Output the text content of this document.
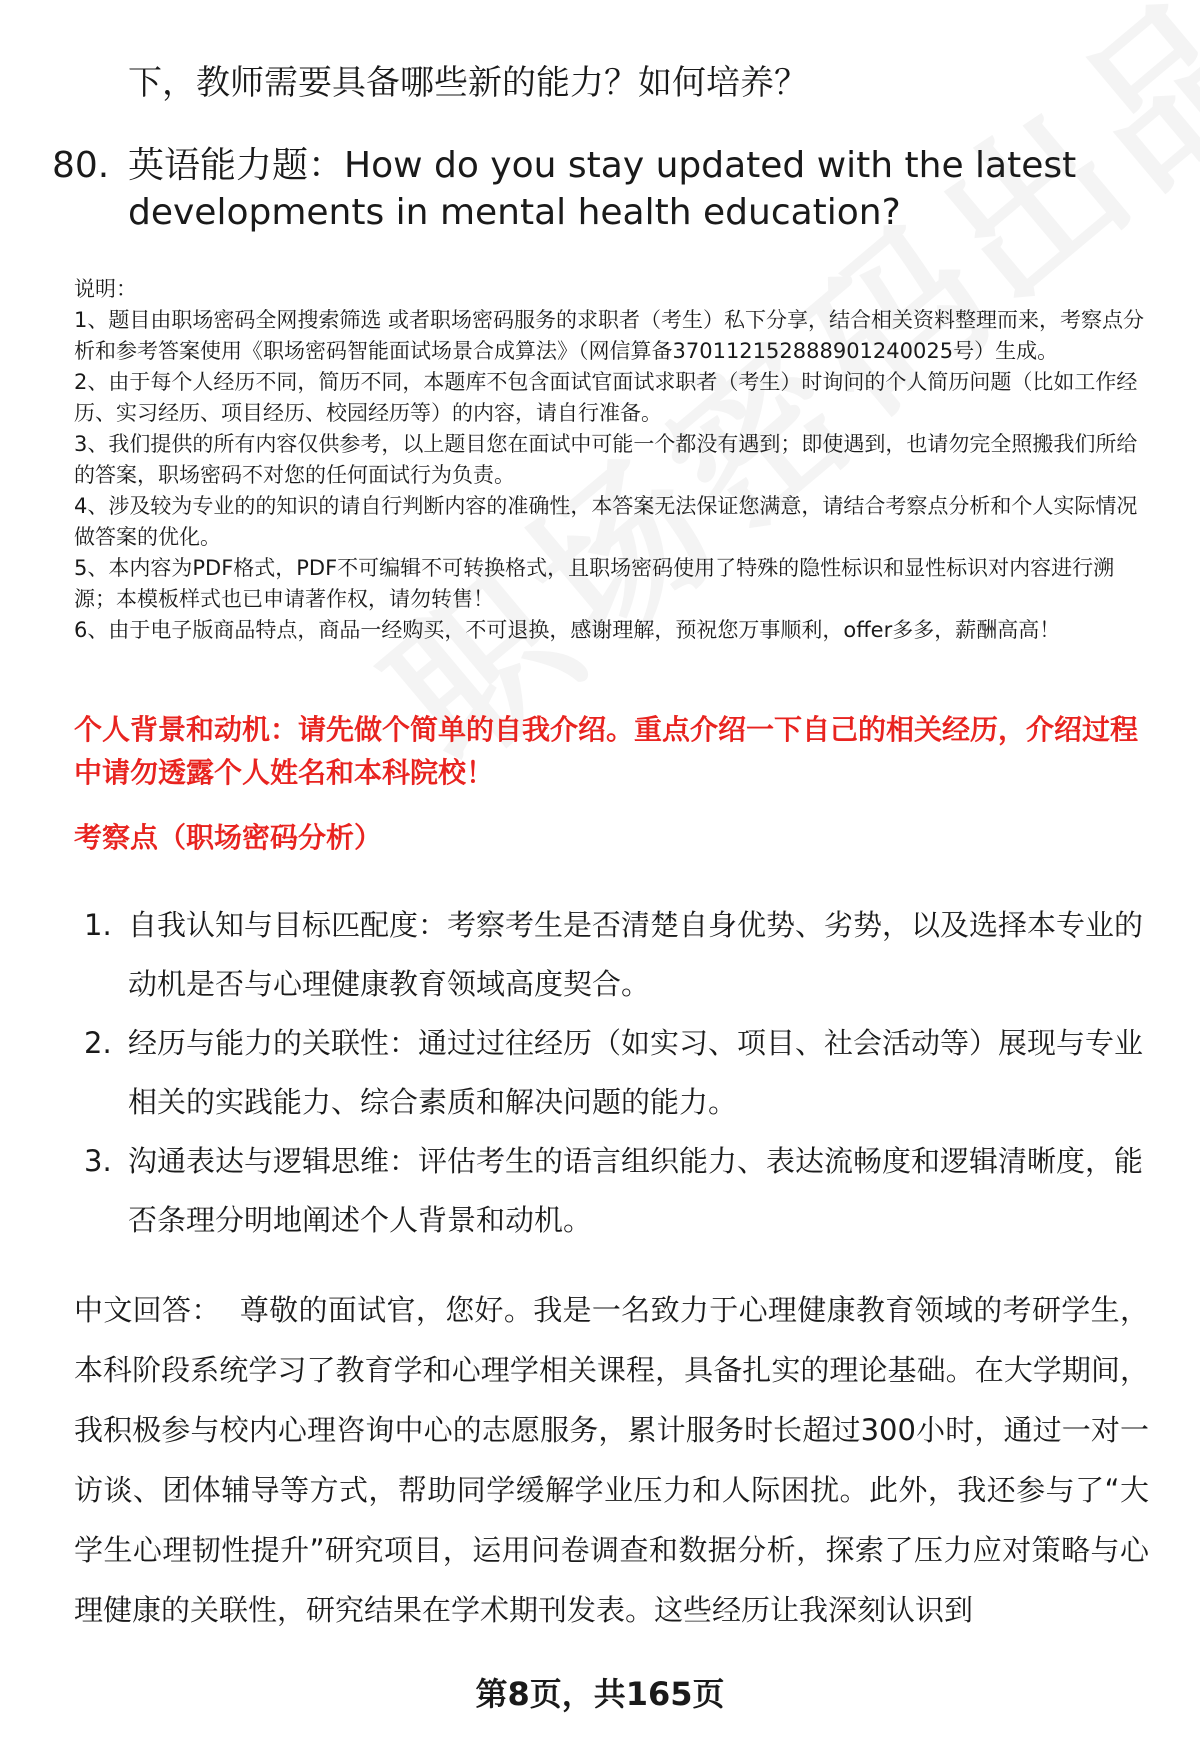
下，教师需要具备哪些新的能力？如何培养？

80. 英语能力题：How do you stay updated with the latest developments in mental health education?

说明：

1、题目由职场密码全网搜索筛选 或者职场密码服务的求职者（考生）私下分享，结合相关资料整理而来，考察点分析和参考答案使用《职场密码智能面试场景合成算法》（网信算备370112152888901240025号）生成。

2、由于每个人经历不同，简历不同，本题库不包含面试官面试求职者（考生）时询问的个人简历问题（比如工作经历、实习经历、项目经历、校园经历等）的内容，请自行准备。

3、我们提供的所有内容仅供参考，以上题目您在面试中可能一个都没有遇到；即使遇到，也请勿完全照搬我们所给的答案，职场密码不对您的任何面试行为负责。

4、涉及较为专业的的知识的请自行判断内容的准确性，本答案无法保证您满意，请结合考察点分析和个人实际情况做答案的优化。

5、本内容为PDF格式，PDF不可编辑不可转换格式，且职场密码使用了特殊的隐性标识和显性标识对内容进行溯源；本模板样式也已申请著作权，请勿转售！

6、由于电子版商品特点，商品一经购买，不可退换，感谢理解，预祝您万事顺利，offer多多，薪酬高高！

个人背景和动机：请先做个简单的自我介绍。重点介绍一下自己的相关经历，介绍过程中请勿透露个人姓名和本科院校！

考察点（职场密码分析）

1. 自我认知与目标匹配度：考察考生是否清楚自身优势、劣势，以及选择本专业的动机是否与心理健康教育领域高度契合。
2. 经历与能力的关联性：通过过往经历（如实习、项目、社会活动等）展现与专业相关的实践能力、综合素质和解决问题的能力。
3. 沟通表达与逻辑思维：评估考生的语言组织能力、表达流畅度和逻辑清晰度，能否条理分明地阐述个人背景和动机。

中文回答： 尊敬的面试官，您好。我是一名致力于心理健康教育领域的考研学生，本科阶段系统学习了教育学和心理学相关课程，具备扎实的理论基础。在大学期间，我积极参与校内心理咨询中心的志愿服务，累计服务时长超过300小时，通过一对一访谈、团体辅导等方式，帮助同学缓解学业压力和人际困扰。此外，我还参与了“大学生心理韧性提升”研究项目，运用问卷调查和数据分析，探索了压力应对策略与心理健康的关联性，研究结果在学术期刊发表。这些经历让我深刻认识到

第8页，共165页
